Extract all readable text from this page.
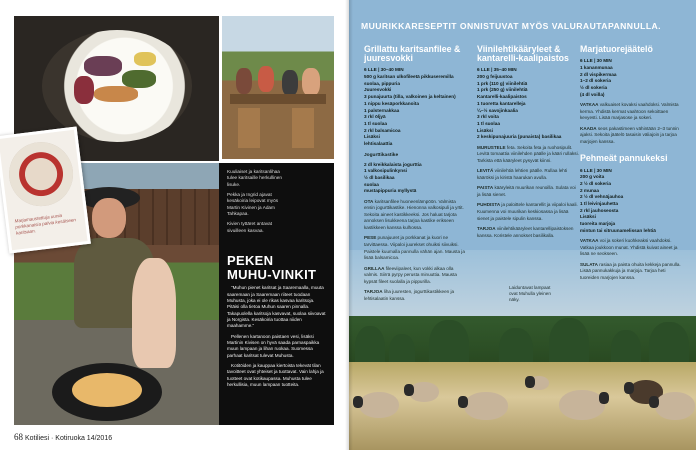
Marjamaustettuja uunia porkkanaisia palvia kesäiseen karitsaan.
Kuuliaiset ja karitsanlihaa tulee karitsaille herkullinen lisuke.
Pekka ja Ingrid ajavat kesäkoiria leipovat myös Martin Kivinen ja Adam Tahkapaa.
Kivien tyttäret antavat sivuilleen kasvaa.
PEKEN
MUHU-VINKIT

"Muhun pienet karitsat ja Saaremaalla, muuta saaremaan ja Saaremaan riiteet tuodaan Muhusta, joka ei ole rikas kasvaa karitsoja. Pitäisi olla tietoa Muhun saaren pinnalla. Takapuolella karitsoja kasvavat, suolaa siivoavat ja Norgista. Kesäkoiria tuottaa niiden maahamme."

Pellenen kartanoon paistaen vesi, lisäksi Martinin Kivisen on hyvä saada parnaspaikka muun lampaan ja lihan ruokaa. Suomessa parhaat karitsat tulevat Muhusta.

Kotitöiden ja kauppaa kiertoista tekevät tilan tavoitteet ovat yhteiset ja tuottavat. Vain lahja ja tuotteet ovat kotikaupassa. Muhusta tulee herkullisia, muun lampaan tuotteita.

68 Kotiliesi · Kotiruoka 14/2016
MUURIKKARESEPTIT ONNISTUVAT MYÖS VALURAUTAPANNULLA.
Grillattu karitsanfilee & juuresvokki
6 LLE | 30–40 MIN
500 g karitsan ulkofileetä pikkuseremilla
suolaa, pippuria
Juuresvokki
3 punajuurta (tilla, valkoinen ja keltainen)
1 nippu kesäporkkanoita
1 palsternakkaa
3 rkl öljyä
1 tl suolaa
2 rkl balsamicoa
Lisäksi
lehtisalaattia
Jogurttikastike
2 dl kreikkalaista jogurttia
1 valkosipulinkynsi
½ dl basilikaa
suolaa
mustapippuria myllystä

OTA karitsanfilee huoneenlämpöön. Valmista ensin jogurttikastike. Hienonna valkosipuli ja yrtit. Sekoita aineet kastikkeeksi. Jos haluat tarjota annoksen lisukkeena tarjoa kastike erikseen kastikkeen kanssa kulhossa.

PESE punajuuret ja porkkanat ja kuori ne tarvittaessa. Viipaloi juurekset ohuiksi siivuiksi. Paistele kuumalla pannulla vähän ajan. Mausta ja lisää balsamicoa.

GRILLAA fileeviipaleet, kun vokki alkaa olla valmis. Siirrä pyrpy perusta minuuttia. Mausta kypsät fileet suolalla ja pippurilla.

TARJOA liha juuresten, jogurttikastikkeen ja lehtisalaatin kanssa.

Viinilehtikääryleet & kantarelli-kaalipaistos
6 LLE | 35–40 MIN
200 g feijuustoa
1 prk (110 g) viinilehtiä
1 prk (250 g) viinilehtiä
Kantarelli-kaalipaistos
1 tuoretta kantarelleja
¼–½ savojinkaalia
3 rkl voita
1 tl suolaa
Lisäksi
2 keskipunajuuria (punaista) basilikaa

MURUSTELE feta. Sekoita feta ja ruohosipulit. Levitä tomaattia viinilehden päälle ja kääri rullaksi. Tarkista että kääryleet pysyvät kiinni.

LEVITÄ viinilehtiä lehtien päälle. Rullaa lehti kääröksi ja kiristä haarukan avulla.

PAISTA kääryleitä muurikan reunoilla. Sulata voi ja lisää sienet.

PUHDISTA ja paloittele kantarellit ja viipaloi kaali. Kuumenna voi muurikan keskiosassa ja lisää sienet ja paistele sipulin kanssa.

TARJOA viinilehtikääryleet kantarellipaistoksen kanssa. Koristele annokset basilikalla.

Marjatuorejäätelö
6 LLE | 30 MIN
1 kananmunaa
2 dl vispikermaa
1–2 dl sokeria
½ dl sokeria
(4 dl voilla)

VATKAA valkuaiset kovaksi vaahdoksi. Valmista kerma. Yhdistä kermat vaahtoon sekoittaen kevyesti. Lisää marjasose ja sokeri.

KAADA seos pakastimeen vähintään 2–3 tunnin ajaksi. Sekoita jäätelö tasaisin väliajoin ja tarjoa marjojen kanssa.

Pehmeät pannukeksi
6 LLE | 30 MIN
200 g voita
2 ½ dl sokeria
2 munaa
2 ½ dl vehnäjauhoa
1 tl leivinjauhetta
2 rkl jauhoseosta
Lisäksi
tuoreita marjoja
mintun tai sitruunamelissan lehtiä

VATKAA voi ja sokeri kuohkeaksi vaahdoksi. Vatkaa joukkoon munat. Yhdistä kuivat aineet ja lisää ne seokseen.

SULATA rasiaa ja paista ohuita kekkeja pannulla. Lisää pannukakkuja ja marjoja. Tarjoa heti tuoreiden marjojen kanssa.

Laiduntavat lampaat ovat Muhulla yleinen näky.
